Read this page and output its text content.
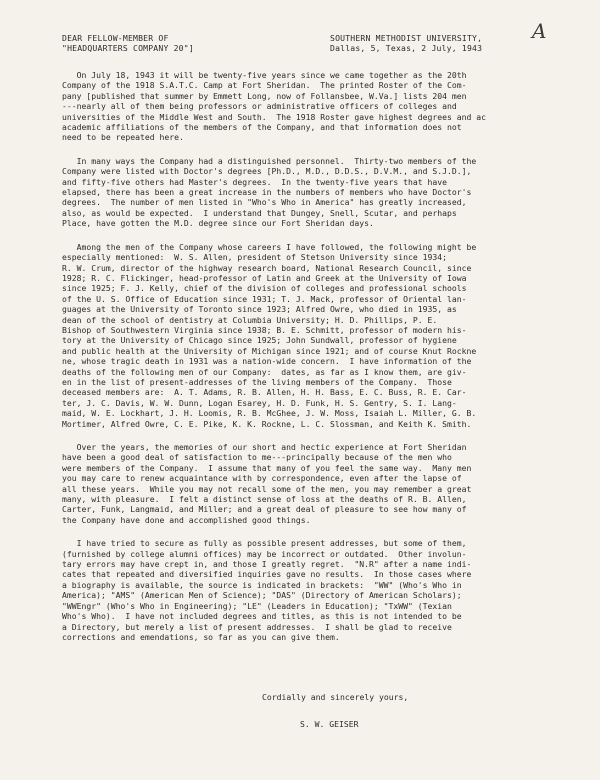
DEAR FELLOW-MEMBER OF
"HEADQUARTERS COMPANY 20"]
SOUTHERN METHODIST UNIVERSITY,
Dallas, 5, Texas, 2 July, 1943
A

On July 18, 1943 it will be twenty-five years since we came together as the 20th

Company of the 1918 S.A.T.C. Camp at Fort Sheridan.  The printed Roster of the Com-

pany [published that summer by Emmett Long, now of Follansbee, W.Va.] lists 204 men

---nearly all of them being professors or administrative officers of colleges and

universities of the Middle West and South.  The 1918 Roster gave highest degrees and ac

academic affiliations of the members of the Company, and that information does not

need to be repeated here.

In many ways the Company had a distinguished personnel.  Thirty-two members of the

Company were listed with Doctor's degrees [Ph.D., M.D., D.D.S., D.V.M., and S.J.D.],

and fifty-five others had Master's degrees.  In the twenty-five years that have

elapsed, there has been a great increase in the numbers of members who have Doctor's

degrees.  The number of men listed in "Who's Who in America" has greatly increased,

also, as would be expected.  I understand that Dungey, Snell, Scutar, and perhaps

Place, have gotten the M.D. degree since our Fort Sheridan days.

Among the men of the Company whose careers I have followed, the following might be

especially mentioned:  W. S. Allen, president of Stetson University since 1934;

R. W. Crum, director of the highway research board, National Research Council, since

1928; R. C. Flickinger, head-professor of Latin and Greek at the University of Iowa

since 1925; F. J. Kelly, chief of the division of colleges and professional schools

of the U. S. Office of Education since 1931; T. J. Mack, professor of Oriental lan-

guages at the University of Toronto since 1923; Alfred Owre, who died in 1935, as

dean of the school of dentistry at Columbia University; H. D. Phillips, P. E.

Bishop of Southwestern Virginia since 1938; B. E. Schmitt, professor of modern his-

tory at the University of Chicago since 1925; John Sundwall, professor of hygiene

and public health at the University of Michigan since 1921; and of course Knut Rockne

ne, whose tragic death in 1931 was a nation-wide concern.  I have information of the

deaths of the following men of our Company:  dates, as far as I know them, are giv-

en in the list of present-addresses of the living members of the Company.  Those

deceased members are:  A. T. Adams, R. B. Allen, H. H. Bass, E. C. Buss, R. E. Car-

ter, J. C. Davis, W. W. Dunn, Logan Esarey, H. D. Funk, H. S. Gentry, S. I. Lang-

maid, W. E. Lockhart, J. H. Loomis, R. B. McGhee, J. W. Moss, Isaiah L. Miller, G. B.

Mortimer, Alfred Owre, C. E. Pike, K. K. Rockne, L. C. Slossman, and Keith K. Smith.

Over the years, the memories of our short and hectic experience at Fort Sheridan

have been a good deal of satisfaction to me---principally because of the men who

were members of the Company.  I assume that many of you feel the same way.  Many men

you may care to renew acquaintance with by correspondence, even after the lapse of

all these years.  While you may not recall some of the men, you may remember a great

many, with pleasure.  I felt a distinct sense of loss at the deaths of R. B. Allen,

Carter, Funk, Langmaid, and Miller; and a great deal of pleasure to see how many of

the Company have done and accomplished good things.

I have tried to secure as fully as possible present addresses, but some of them,

(furnished by college alumni offices) may be incorrect or outdated.  Other involun-

tary errors may have crept in, and those I greatly regret.  "N.R" after a name indi-

cates that repeated and diversified inquiries gave no results.  In those cases where

a biography is available, the source is indicated in brackets:  "WW" (Who's Who in

America); "AMS" (American Men of Science); "DAS" (Directory of American Scholars);

"WWEngr" (Who's Who in Engineering); "LE" (Leaders in Education); "TxWW" (Texian

Who's Who).  I have not included degrees and titles, as this is not intended to be

a Directory, but merely a list of present addresses.  I shall be glad to receive

corrections and emendations, so far as you can give them.

Cordially and sincerely yours,
S. W. GEISER
